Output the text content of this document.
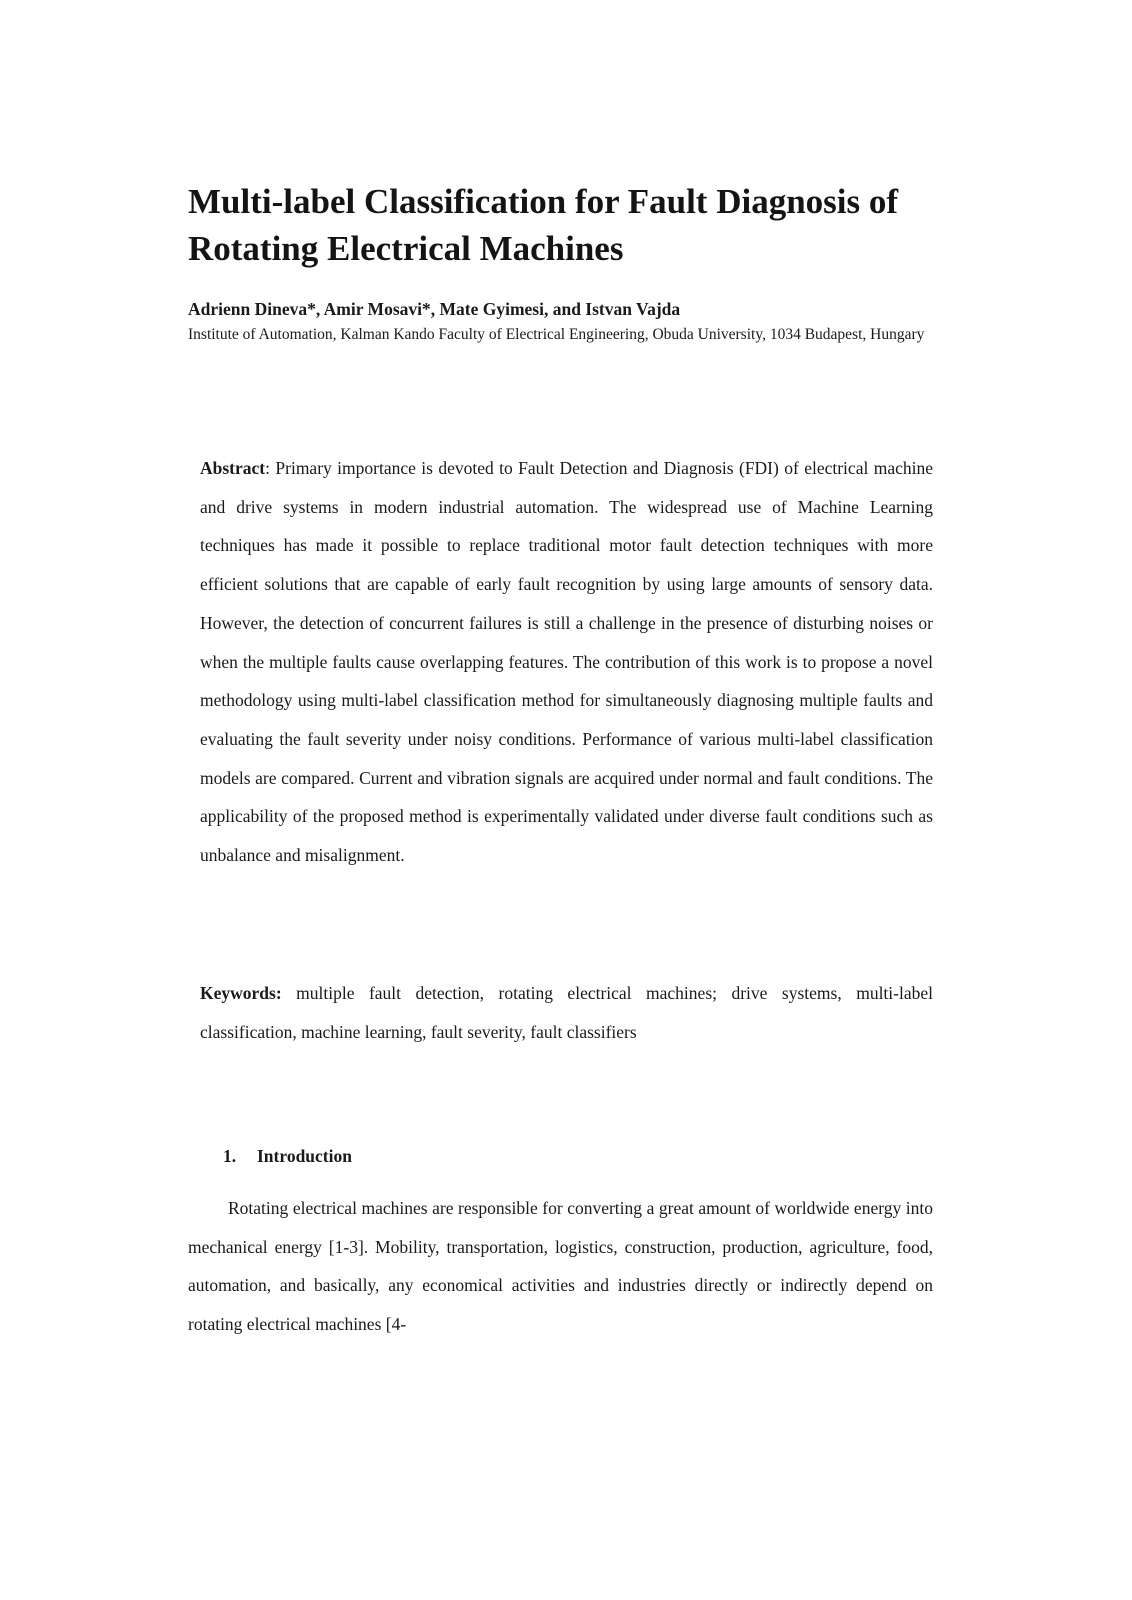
Multi-label Classification for Fault Diagnosis of Rotating Electrical Machines

Adrienn Dineva*, Amir Mosavi*, Mate Gyimesi, and Istvan Vajda

Institute of Automation, Kalman Kando Faculty of Electrical Engineering, Obuda University, 1034 Budapest, Hungary

Abstract: Primary importance is devoted to Fault Detection and Diagnosis (FDI) of electrical machine and drive systems in modern industrial automation. The widespread use of Machine Learning techniques has made it possible to replace traditional motor fault detection techniques with more efficient solutions that are capable of early fault recognition by using large amounts of sensory data. However, the detection of concurrent failures is still a challenge in the presence of disturbing noises or when the multiple faults cause overlapping features. The contribution of this work is to propose a novel methodology using multi-label classification method for simultaneously diagnosing multiple faults and evaluating the fault severity under noisy conditions. Performance of various multi-label classification models are compared. Current and vibration signals are acquired under normal and fault conditions. The applicability of the proposed method is experimentally validated under diverse fault conditions such as unbalance and misalignment.

Keywords: multiple fault detection, rotating electrical machines; drive systems, multi-label classification, machine learning, fault severity, fault classifiers

1. Introduction

Rotating electrical machines are responsible for converting a great amount of worldwide energy into mechanical energy [1-3]. Mobility, transportation, logistics, construction, production, agriculture, food, automation, and basically, any economical activities and industries directly or indirectly depend on rotating electrical machines [4-
